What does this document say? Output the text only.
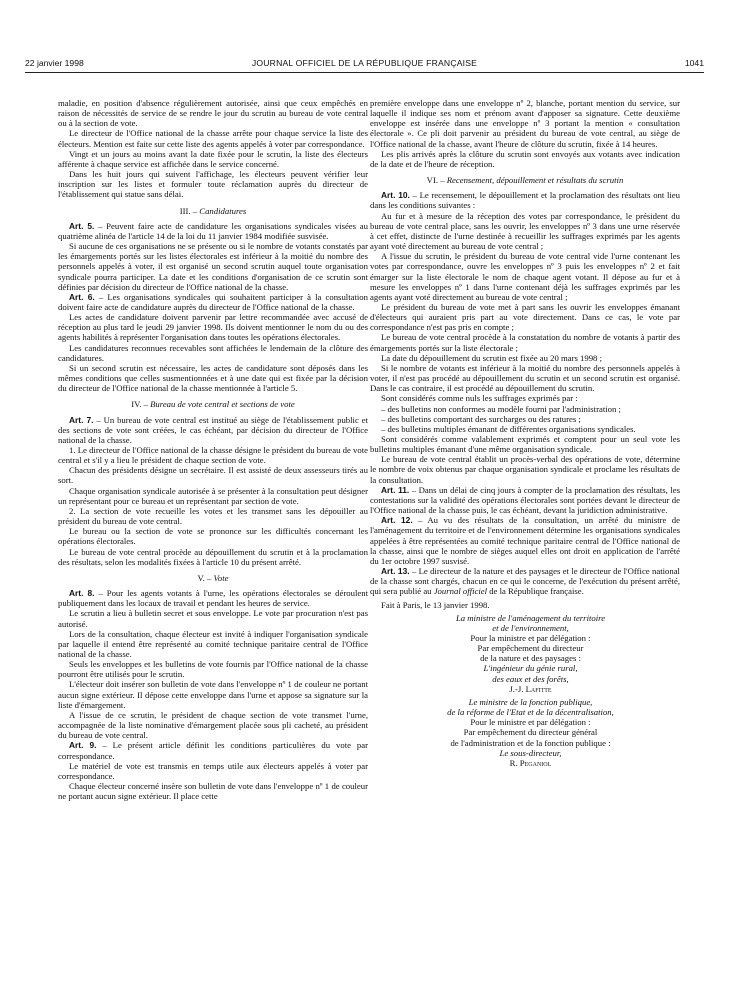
22 janvier 1998	JOURNAL OFFICIEL DE LA RÉPUBLIQUE FRANÇAISE	1041

maladie, en position d'absence régulièrement autorisée, ainsi que ceux empêchés en raison de nécessités de service de se rendre le jour du scrutin au bureau de vote central ou à la section de vote.

Le directeur de l'Office national de la chasse arrête pour chaque service la liste des électeurs. Mention est faite sur cette liste des agents appelés à voter par correspondance.

Vingt et un jours au moins avant la date fixée pour le scrutin, la liste des électeurs afférente à chaque service est affichée dans le service concerné.

Dans les huit jours qui suivent l'affichage, les électeurs peuvent vérifier leur inscription sur les listes et formuler toute réclamation auprès du directeur de l'établissement qui statue sans délai.

III. – Candidatures

Art. 5. – Peuvent faire acte de candidature les organisations syndicales visées au quatrième alinéa de l'article 14 de la loi du 11 janvier 1984 modifiée susvisée.

Si aucune de ces organisations ne se présente ou si le nombre de votants constatés par les émargements portés sur les listes électorales est inférieur à la moitié du nombre des personnels appelés à voter, il est organisé un second scrutin auquel toute organisation syndicale pourra participer. La date et les conditions d'organisation de ce scrutin sont définies par décision du directeur de l'Office national de la chasse.

Art. 6. – Les organisations syndicales qui souhaitent participer à la consultation doivent faire acte de candidature auprès du directeur de l'Office national de la chasse.

Les actes de candidature doivent parvenir par lettre recommandée avec accusé de réception au plus tard le jeudi 29 janvier 1998. Ils doivent mentionner le nom du ou des agents habilités à représenter l'organisation dans toutes les opérations électorales.

Les candidatures reconnues recevables sont affichées le lendemain de la clôture des candidatures.

Si un second scrutin est nécessaire, les actes de candidature sont déposés dans les mêmes conditions que celles susmentionnées et à une date qui est fixée par la décision du directeur de l'Office national de la chasse mentionnée à l'article 5.

IV. – Bureau de vote central et sections de vote

Art. 7. – Un bureau de vote central est institué au siège de l'établissement public et des sections de vote sont créées, le cas échéant, par décision du directeur de l'Office national de la chasse.

1. Le directeur de l'Office national de la chasse désigne le président du bureau de vote central et s'il y a lieu le président de chaque section de vote.

Chacun des présidents désigne un secrétaire. Il est assisté de deux assesseurs tirés au sort.

Chaque organisation syndicale autorisée à se présenter à la consultation peut désigner un représentant pour ce bureau et un représentant par section de vote.

2. La section de vote recueille les votes et les transmet sans les dépouiller au président du bureau de vote central.

Le bureau ou la section de vote se prononce sur les difficultés concernant les opérations électorales.

Le bureau de vote central procède au dépouillement du scrutin et à la proclamation des résultats, selon les modalités fixées à l'article 10 du présent arrêté.

V. – Vote

Art. 8. – Pour les agents votants à l'urne, les opérations électorales se déroulent publiquement dans les locaux de travail et pendant les heures de service.

Le scrutin a lieu à bulletin secret et sous enveloppe. Le vote par procuration n'est pas autorisé.

Lors de la consultation, chaque électeur est invité à indiquer l'organisation syndicale par laquelle il entend être représenté au comité technique paritaire central de l'Office national de la chasse.

Seuls les enveloppes et les bulletins de vote fournis par l'Office national de la chasse pourront être utilisés pour le scrutin.

L'électeur doit insérer son bulletin de vote dans l'enveloppe nº 1 de couleur ne portant aucun signe extérieur. Il dépose cette enveloppe dans l'urne et appose sa signature sur la liste d'émargement.

A l'issue de ce scrutin, le président de chaque section de vote transmet l'urne, accompagnée de la liste nominative d'émargement placée sous pli cacheté, au président du bureau de vote central.

Art. 9. – Le présent article définit les conditions particulières du vote par correspondance.

Le matériel de vote est transmis en temps utile aux électeurs appelés à voter par correspondance.

Chaque électeur concerné insère son bulletin de vote dans l'enveloppe nº 1 de couleur ne portant aucun signe extérieur. Il place cette

première enveloppe dans une enveloppe nº 2, blanche, portant mention du service, sur laquelle il indique ses nom et prénom avant d'apposer sa signature. Cette deuxième enveloppe est insérée dans une enveloppe nº 3 portant la mention « consultation électorale ». Ce pli doit parvenir au président du bureau de vote central, au siège de l'Office national de la chasse, avant l'heure de clôture du scrutin, fixée à 14 heures.

Les plis arrivés après la clôture du scrutin sont envoyés aux votants avec indication de la date et de l'heure de réception.

VI. – Recensement, dépouillement et résultats du scrutin

Art. 10. – Le recensement, le dépouillement et la proclamation des résultats ont lieu dans les conditions suivantes :

Au fur et à mesure de la réception des votes par correspondance, le président du bureau de vote central place, sans les ouvrir, les enveloppes nº 3 dans une urne réservée à cet effet, distincte de l'urne destinée à recueillir les suffrages exprimés par les agents ayant voté directement au bureau de vote central ;

A l'issue du scrutin, le président du bureau de vote central vide l'urne contenant les votes par correspondance, ouvre les enveloppes nº 3 puis les enveloppes nº 2 et fait émarger sur la liste électorale le nom de chaque agent votant. Il dépose au fur et à mesure les enveloppes nº 1 dans l'urne contenant déjà les suffrages exprimés par les agents ayant voté directement au bureau de vote central ;

Le président du bureau de vote met à part sans les ouvrir les enveloppes émanant d'électeurs qui auraient pris part au vote directement. Dans ce cas, le vote par correspondance n'est pas pris en compte ;

Le bureau de vote central procède à la constatation du nombre de votants à partir des émargements portés sur la liste électorale ;

La date du dépouillement du scrutin est fixée au 20 mars 1998 ;

Si le nombre de votants est inférieur à la moitié du nombre des personnels appelés à voter, il n'est pas procédé au dépouillement du scrutin et un second scrutin est organisé. Dans le cas contraire, il est procédé au dépouillement du scrutin.

Sont considérés comme nuls les suffrages exprimés par :

– des bulletins non conformes au modèle fourni par l'administration ;

– des bulletins comportant des surcharges ou des ratures ;

– des bulletins multiples émanant de différentes organisations syndicales.

Sont considérés comme valablement exprimés et comptent pour un seul vote les bulletins multiples émanant d'une même organisation syndicale.

Le bureau de vote central établit un procès-verbal des opérations de vote, détermine le nombre de voix obtenus par chaque organisation syndicale et proclame les résultats de la consultation.

Art. 11. – Dans un délai de cinq jours à compter de la proclamation des résultats, les contestations sur la validité des opérations électorales sont portées devant le directeur de l'Office national de la chasse puis, le cas échéant, devant la juridiction administrative.

Art. 12. – Au vu des résultats de la consultation, un arrêté du ministre de l'aménagement du territoire et de l'environnement détermine les organisations syndicales appelées à être représentées au comité technique paritaire central de l'Office national de la chasse, ainsi que le nombre de sièges auquel elles ont droit en application de l'arrêté du 1er octobre 1997 susvisé.

Art. 13. – Le directeur de la nature et des paysages et le directeur de l'Office national de la chasse sont chargés, chacun en ce qui le concerne, de l'exécution du présent arrêté, qui sera publié au Journal officiel de la République française.

Fait à Paris, le 13 janvier 1998.

La ministre de l'aménagement du territoire

et de l'environnement,

Pour la ministre et par délégation :

Par empêchement du directeur

de la nature et des paysages :

L'ingénieur du génie rural,

des eaux et des forêts,

J.-J. Lafitte

Le ministre de la fonction publique,

de la réforme de l'Etat et de la décentralisation,

Pour le ministre et par délégation :

Par empêchement du directeur général

de l'administration et de la fonction publique :

Le sous-directeur,

R. Peganiol
